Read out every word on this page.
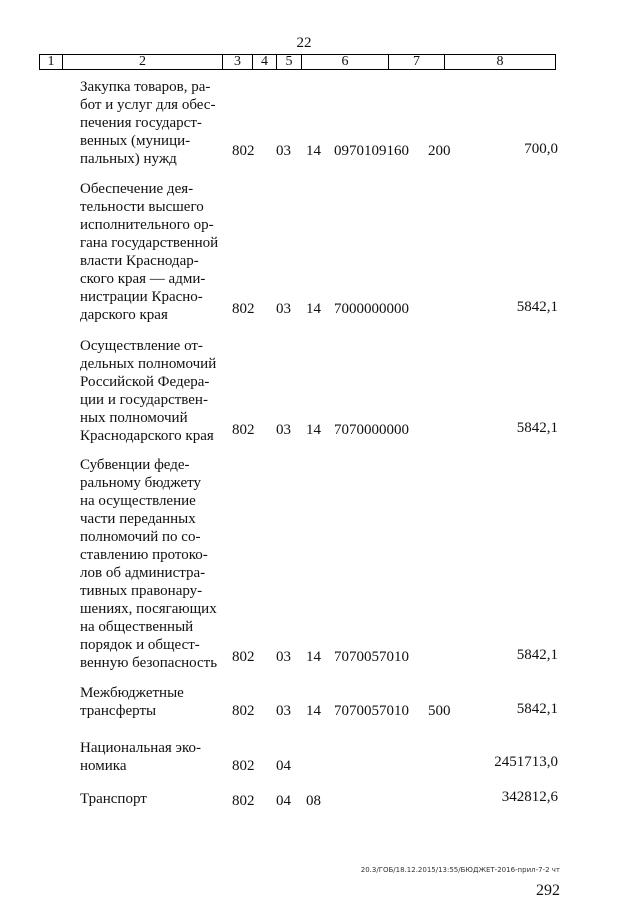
22
1	2	3	4	5	6	7	8
Закупка товаров, ра-
бот и услуг для обес-
печения государст-
венных (муници-
пальных) нужд	802 03 14 0970109160 200	700,0
Обеспечение дея-
тельности высшего
исполнительного ор-
гана государственной
власти Краснодар-
ского края — адми-
нистрации Красно-
дарского края	802 03 14 7000000000	5842,1
Осуществление от-
дельных полномочий
Российской Федера-
ции и государствен-
ных полномочий
Краснодарского края	802 03 14 7070000000	5842,1
Субвенции феде-
ральному бюджету
на осуществление
части переданных
полномочий по со-
ставлению протоко-
лов об администра-
тивных правонару-
шениях, посягающих
на общественный
порядок и общест-
венную безопасность 802 03 14 7070057010	5842,1
Межбюджетные
трансферты	802 03 14 7070057010 500	5842,1
Национальная эко-
номика	802 04	2451713,0
Транспорт	802 04 08	342812,6
20.3/ГОБ/18.12.2015/13:55/БЮДЖЕТ-2016-прил-7-2 чт
292
